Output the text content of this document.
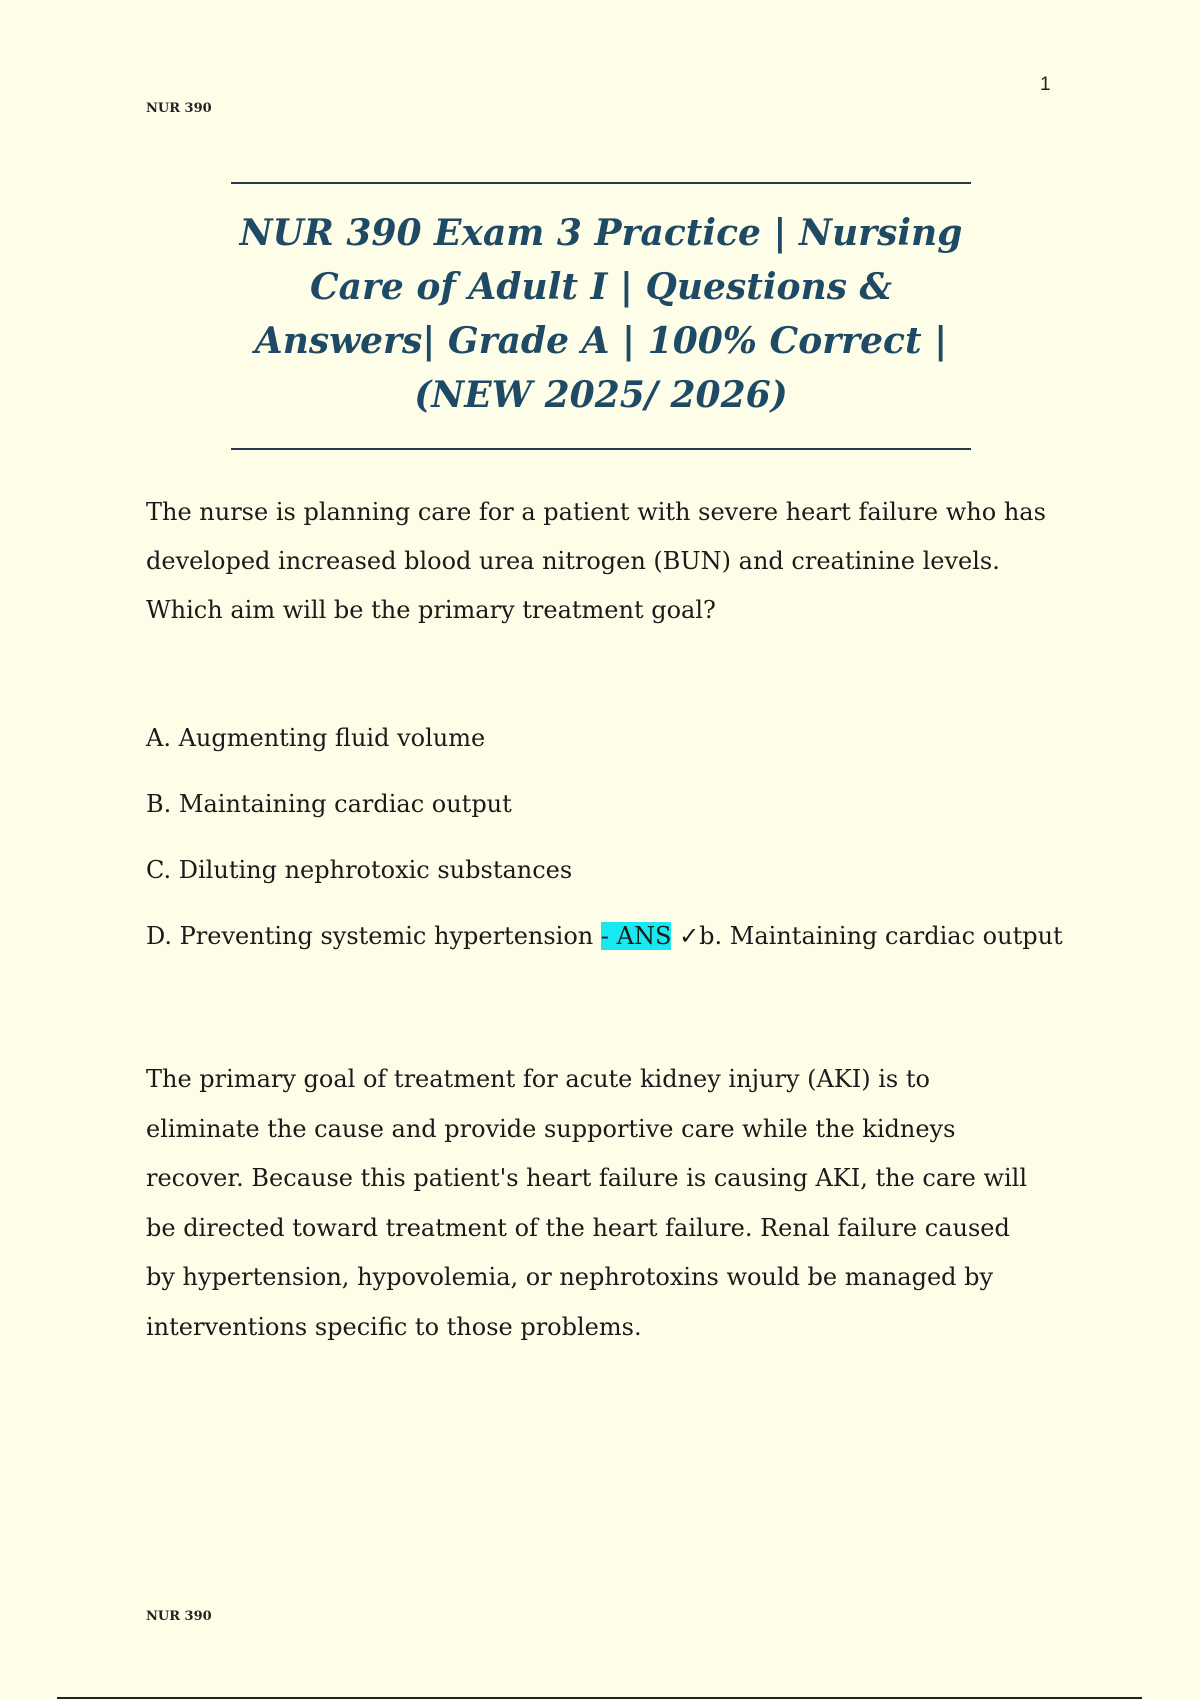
NUR 390
1
NUR 390 Exam 3 Practice | Nursing Care of Adult I | Questions & Answers| Grade A | 100% Correct | (NEW 2025/ 2026)

The nurse is planning care for a patient with severe heart failure who has developed increased blood urea nitrogen (BUN) and creatinine levels. Which aim will be the primary treatment goal?

A. Augmenting fluid volume
B. Maintaining cardiac output
C. Diluting nephrotoxic substances
D. Preventing systemic hypertension - ANS ✓b. Maintaining cardiac output

The primary goal of treatment for acute kidney injury (AKI) is to eliminate the cause and provide supportive care while the kidneys recover. Because this patient's heart failure is causing AKI, the care will be directed toward treatment of the heart failure. Renal failure caused by hypertension, hypovolemia, or nephrotoxins would be managed by interventions specific to those problems.

NUR 390
